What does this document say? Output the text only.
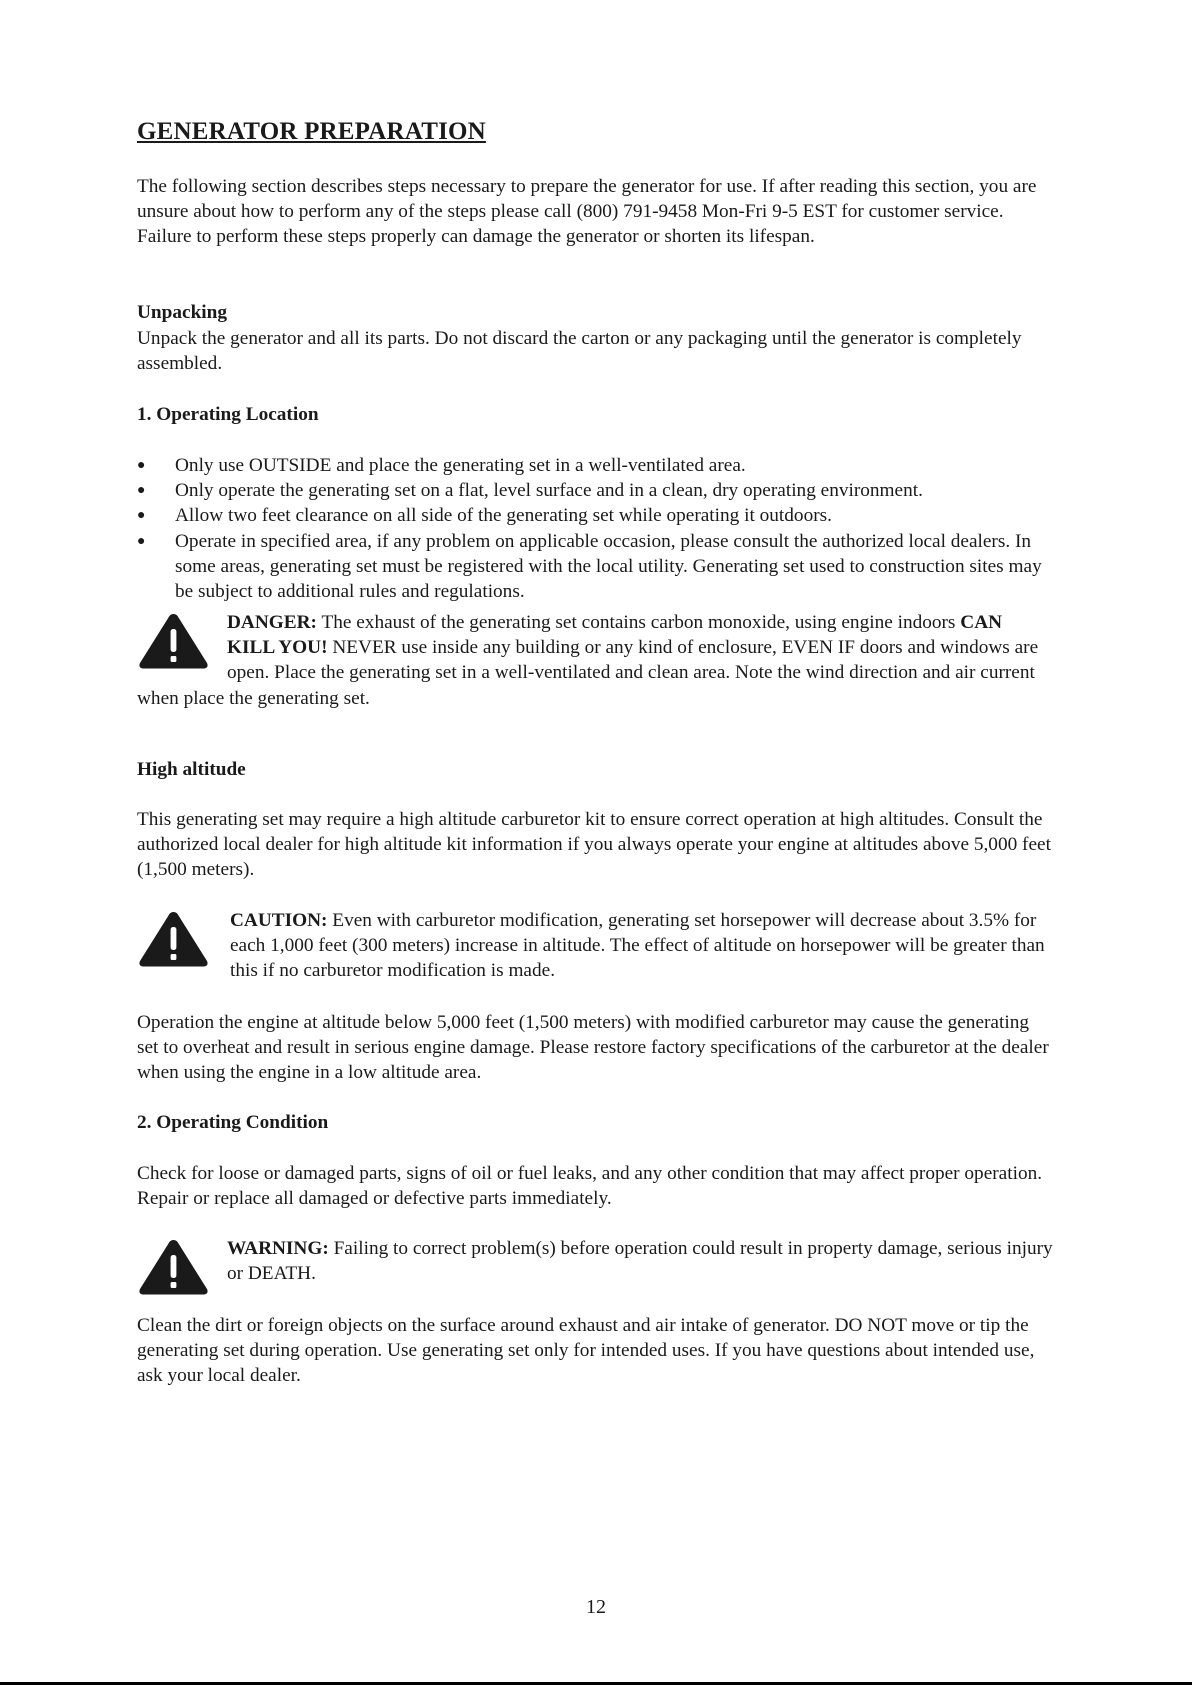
GENERATOR PREPARATION

The following section describes steps necessary to prepare the generator for use. If after reading this section, you are unsure about how to perform any of the steps please call (800) 791-9458 Mon-Fri 9-5 EST for customer service. Failure to perform these steps properly can damage the generator or shorten its lifespan.

Unpacking

Unpack the generator and all its parts. Do not discard the carton or any packaging until the generator is completely assembled.

1. Operating Location
● Only use OUTSIDE and place the generating set in a well-ventilated area.
● Only operate the generating set on a flat, level surface and in a clean, dry operating environment.
● Allow two feet clearance on all side of the generating set while operating it outdoors.
● Operate in specified area, if any problem on applicable occasion, please consult the authorized local dealers. In some areas, generating set must be registered with the local utility. Generating set used to construction sites may be subject to additional rules and regulations.
DANGER: The exhaust of the generating set contains carbon monoxide, using engine indoors CAN KILL YOU! NEVER use inside any building or any kind of enclosure, EVEN IF doors and windows are open. Place the generating set in a well-ventilated and clean area. Note the wind direction and air current when place the generating set.
High altitude

This generating set may require a high altitude carburetor kit to ensure correct operation at high altitudes. Consult the authorized local dealer for high altitude kit information if you always operate your engine at altitudes above 5,000 feet (1,500 meters).

CAUTION: Even with carburetor modification, generating set horsepower will decrease about 3.5% for each 1,000 feet (300 meters) increase in altitude. The effect of altitude on horsepower will be greater than this if no carburetor modification is made.

Operation the engine at altitude below 5,000 feet (1,500 meters) with modified carburetor may cause the generating set to overheat and result in serious engine damage. Please restore factory specifications of the carburetor at the dealer when using the engine in a low altitude area.

2. Operating Condition

Check for loose or damaged parts, signs of oil or fuel leaks, and any other condition that may affect proper operation. Repair or replace all damaged or defective parts immediately.

WARNING: Failing to correct problem(s) before operation could result in property damage, serious injury or DEATH.

Clean the dirt or foreign objects on the surface around exhaust and air intake of generator. DO NOT move or tip the generating set during operation. Use generating set only for intended uses. If you have questions about intended use, ask your local dealer.

12
